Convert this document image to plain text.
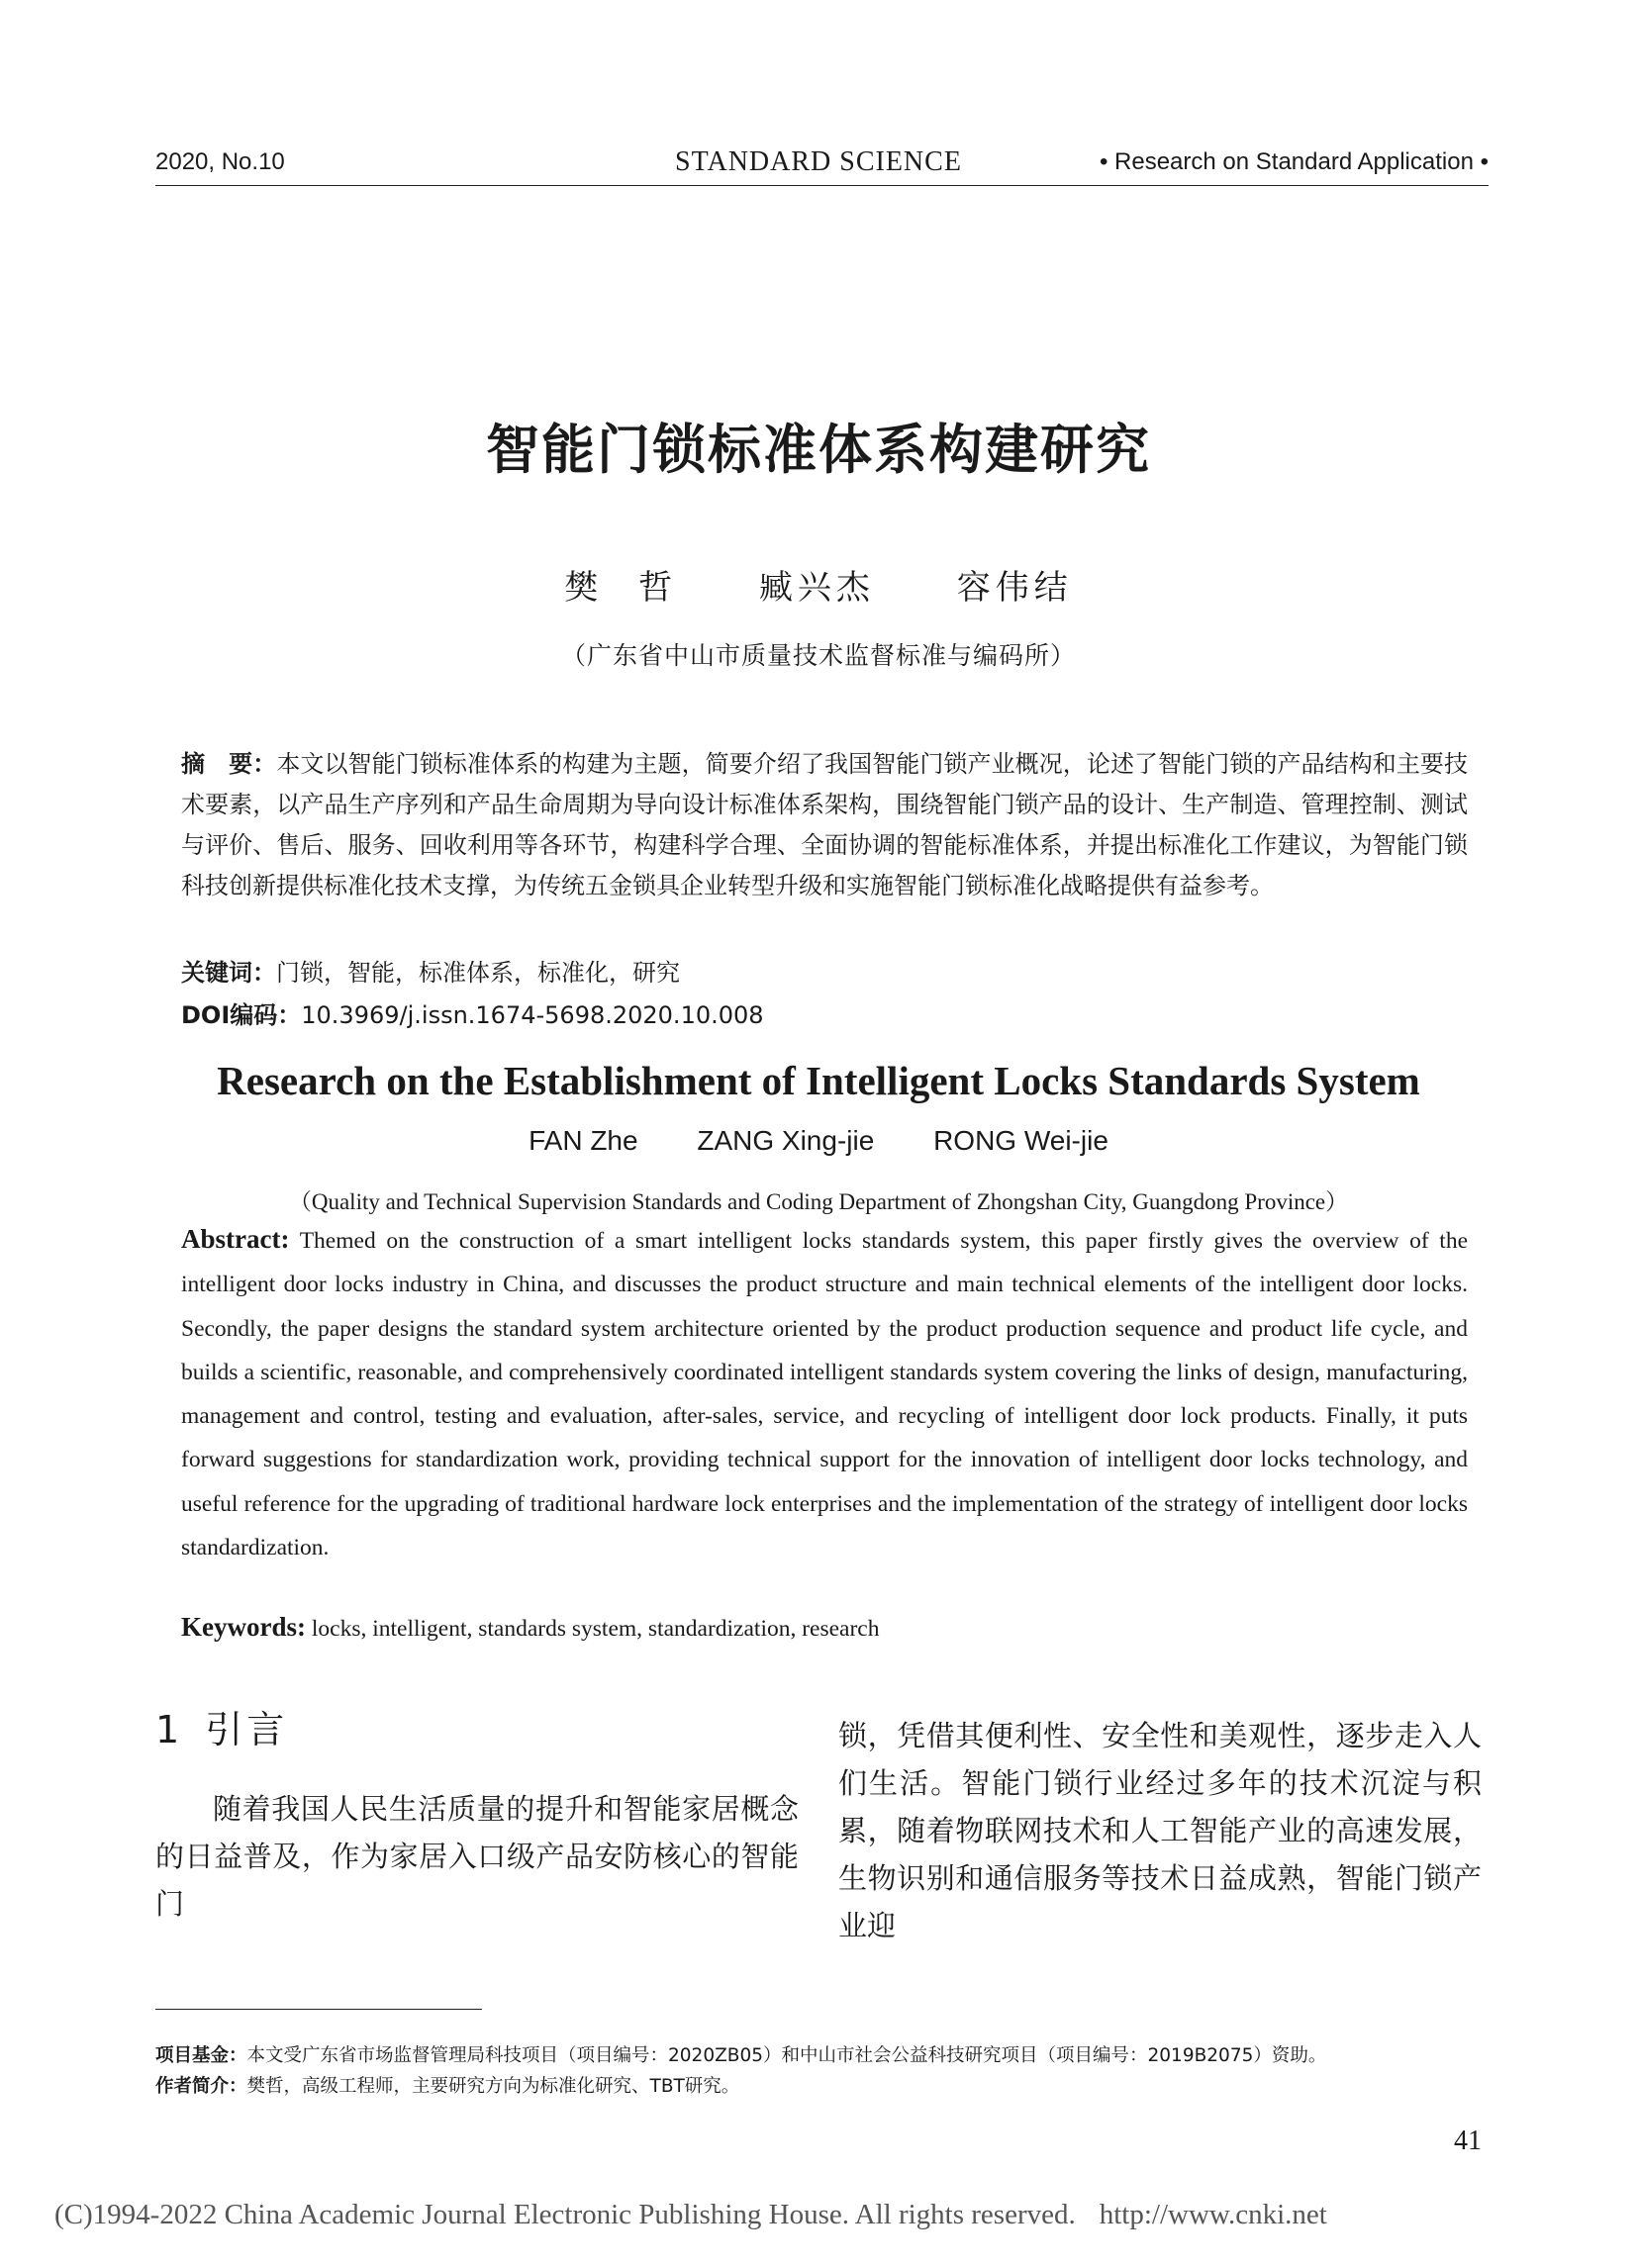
2020, No.10	STANDARD SCIENCE	• Research on Standard Application •
智能门锁标准体系构建研究
樊 哲 臧兴杰 容伟结
（广东省中山市质量技术监督标准与编码所）
摘　要：本文以智能门锁标准体系的构建为主题，简要介绍了我国智能门锁产业概况，论述了智能门锁的产品结构和主要技术要素，以产品生产序列和产品生命周期为导向设计标准体系架构，围绕智能门锁产品的设计、生产制造、管理控制、测试与评价、售后、服务、回收利用等各环节，构建科学合理、全面协调的智能标准体系，并提出标准化工作建议，为智能门锁科技创新提供标准化技术支撑，为传统五金锁具企业转型升级和实施智能门锁标准化战略提供有益参考。
关键词：门锁，智能，标准体系，标准化，研究
DOI编码：10.3969/j.issn.1674-5698.2020.10.008
Research on the Establishment of Intelligent Locks Standards System
FAN Zhe ZANG Xing-jie RONG Wei-jie
（Quality and Technical Supervision Standards and Coding Department of Zhongshan City, Guangdong Province）
Abstract: Themed on the construction of a smart intelligent locks standards system, this paper firstly gives the overview of the intelligent door locks industry in China, and discusses the product structure and main technical elements of the intelligent door locks. Secondly, the paper designs the standard system architecture oriented by the product production sequence and product life cycle, and builds a scientific, reasonable, and comprehensively coordinated intelligent standards system covering the links of design, manufacturing, management and control, testing and evaluation, after-sales, service, and recycling of intelligent door lock products. Finally, it puts forward suggestions for standardization work, providing technical support for the innovation of intelligent door locks technology, and useful reference for the upgrading of traditional hardware lock enterprises and the implementation of the strategy of intelligent door locks standardization.
Keywords: locks, intelligent, standards system, standardization, research
1 引言
随着我国人民生活质量的提升和智能家居概念的日益普及，作为家居入口级产品安防核心的智能门
锁，凭借其便利性、安全性和美观性，逐步走入人们生活。智能门锁行业经过多年的技术沉淀与积累，随着物联网技术和人工智能产业的高速发展，生物识别和通信服务等技术日益成熟，智能门锁产业迎
项目基金：本文受广东省市场监督管理局科技项目（项目编号：2020ZB05）和中山市社会公益科技研究项目（项目编号：2019B2075）资助。
作者简介：樊哲，高级工程师，主要研究方向为标准化研究、TBT研究。
41
(C)1994-2022 China Academic Journal Electronic Publishing House. All rights reserved. http://www.cnki.net
